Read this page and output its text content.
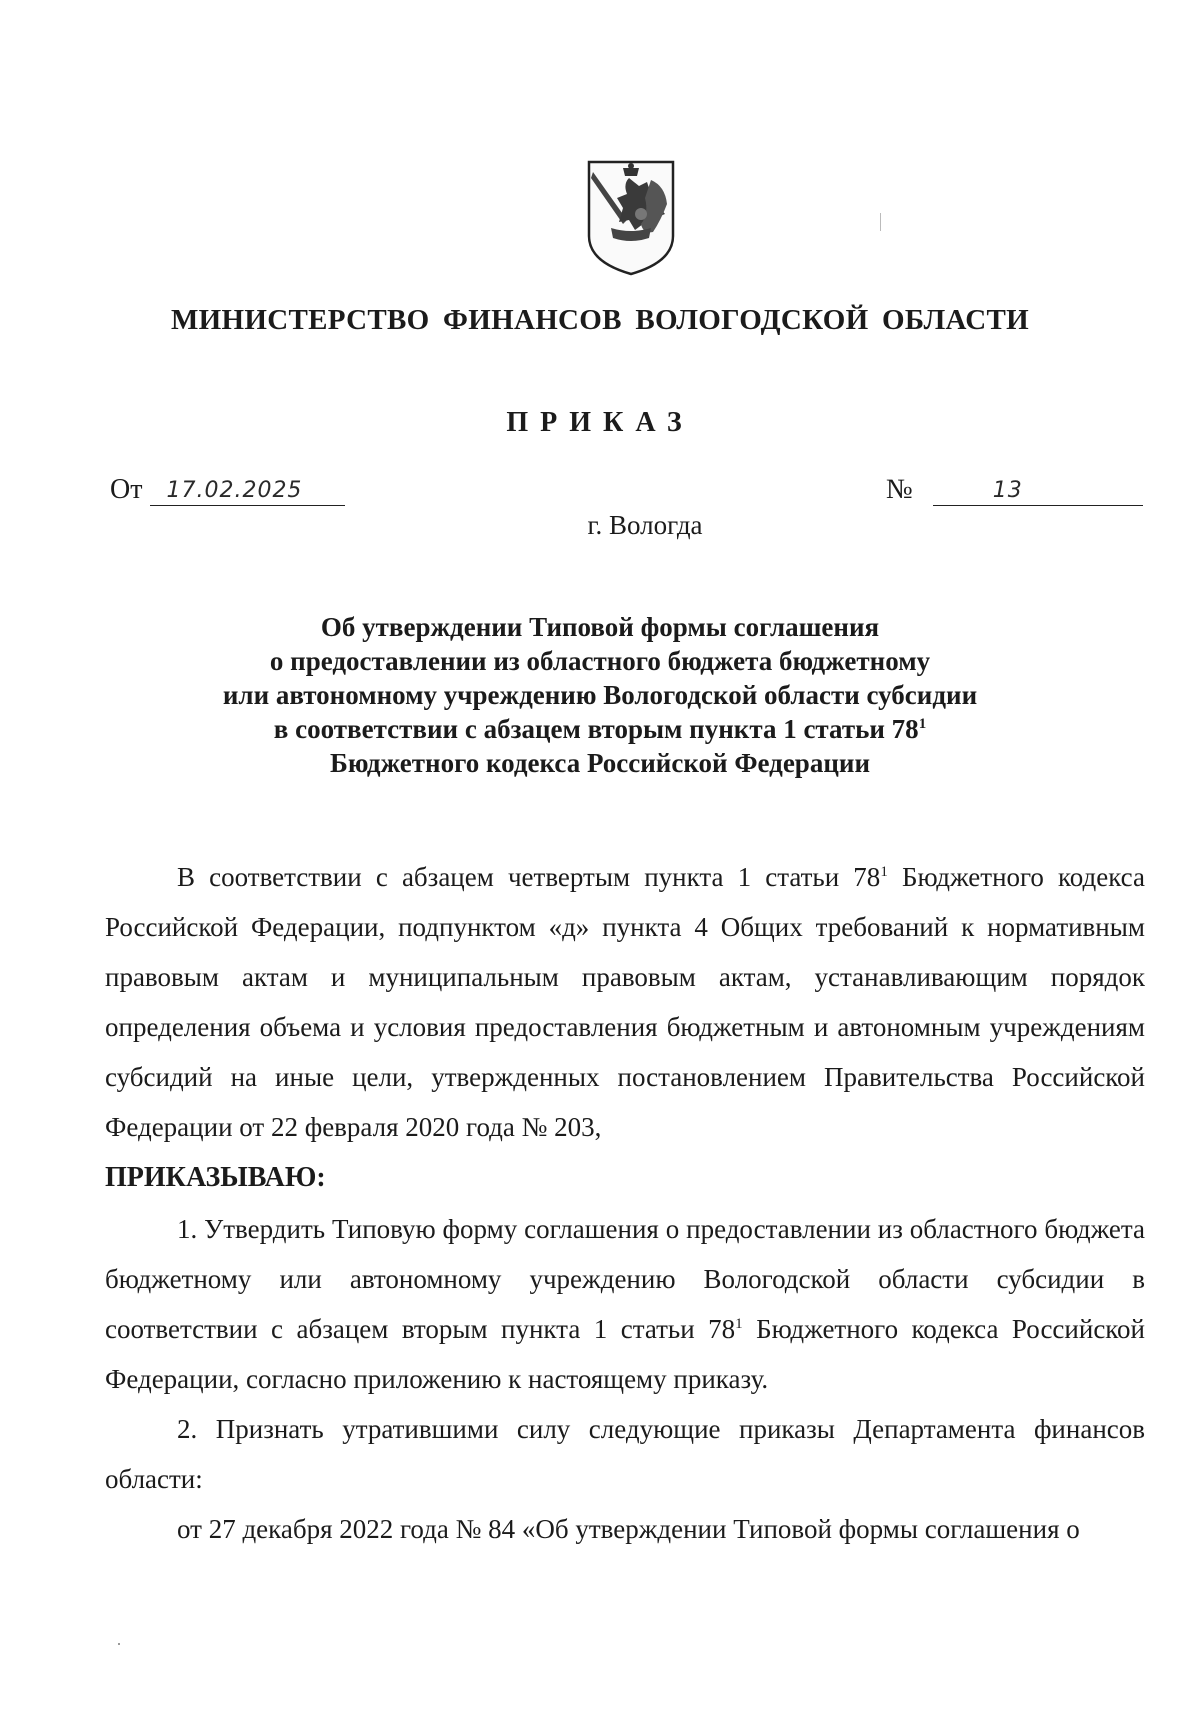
МИНИСТЕРСТВО ФИНАНСОВ ВОЛОГОДСКОЙ ОБЛАСТИ
ПРИКАЗ
От 17.02.2025	№	13
г. Вологда
Об утверждении Типовой формы соглашения
о предоставлении из областного бюджета бюджетному
или автономному учреждению Вологодской области субсидии
в соответствии с абзацем вторым пункта 1 статьи $78^1$
Бюджетного кодекса Российской Федерации

В соответствии с абзацем четвертым пункта 1 статьи $78^1$ Бюджетного кодекса Российской Федерации, подпунктом «д» пункта 4 Общих требований к нормативным правовым актам и муниципальным правовым актам, устанавливающим порядок определения объема и условия предоставления бюджетным и автономным учреждениям субсидий на иные цели, утвержденных постановлением Правительства Российской Федерации от 22 февраля 2020 года № 203,

ПРИКАЗЫВАЮ:

1. Утвердить Типовую форму соглашения о предоставлении из областного бюджета бюджетному или автономному учреждению Вологодской области субсидии в соответствии с абзацем вторым пункта 1 статьи $78^1$ Бюджетного кодекса Российской Федерации, согласно приложению к настоящему приказу.

2. Признать утратившими силу следующие приказы Департамента финансов области:

от 27 декабря 2022 года № 84 «Об утверждении Типовой формы соглашения о
